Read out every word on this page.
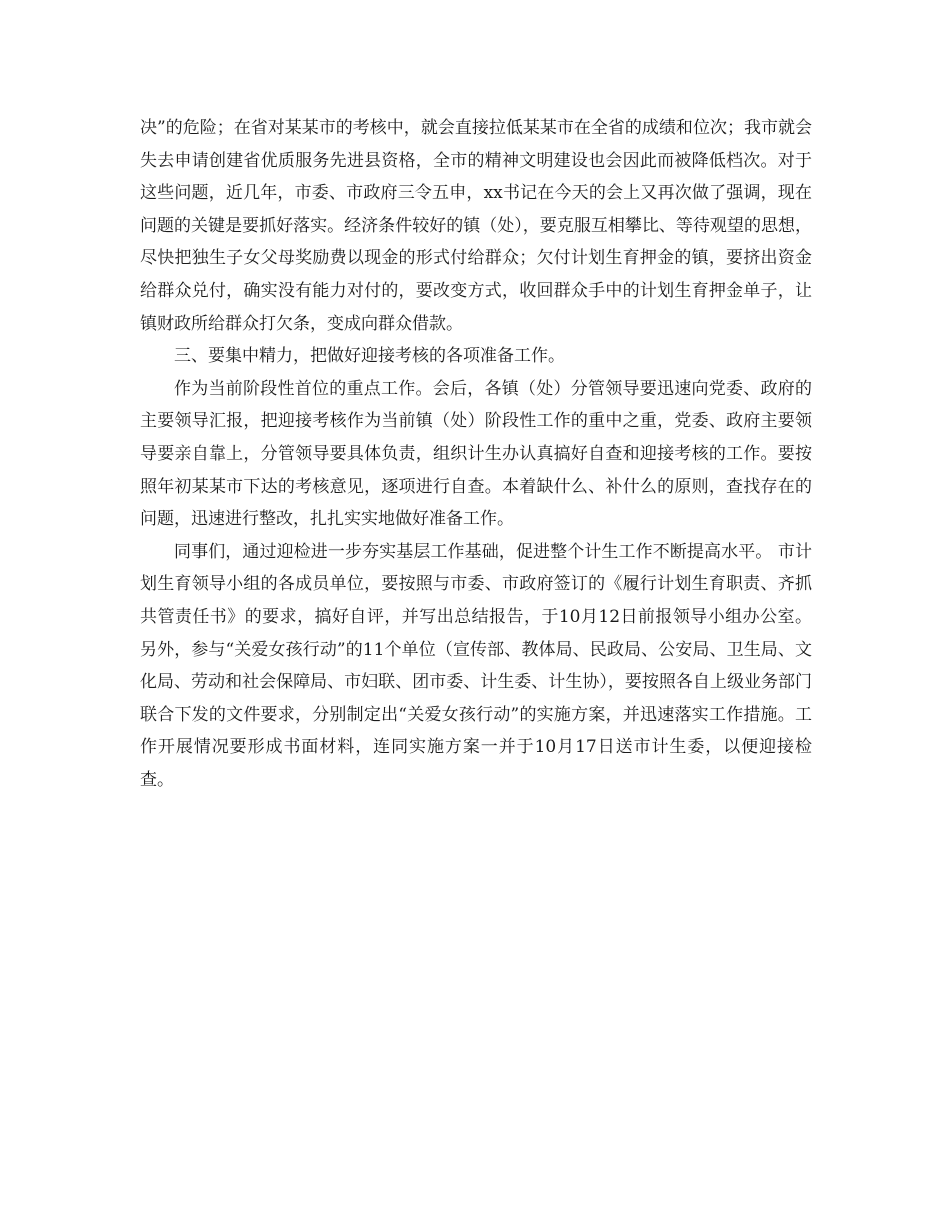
决”的危险；在省对某某市的考核中，就会直接拉低某某市在全省的成绩和位次；我市就会失去申请创建省优质服务先进县资格，全市的精神文明建设也会因此而被降低档次。对于这些问题，近几年，市委、市政府三令五申，xx书记在今天的会上又再次做了强调，现在问题的关键是要抓好落实。经济条件较好的镇（处），要克服互相攀比、等待观望的思想，尽快把独生子女父母奖励费以现金的形式付给群众；欠付计划生育押金的镇，要挤出资金给群众兑付，确实没有能力对付的，要改变方式，收回群众手中的计划生育押金单子，让镇财政所给群众打欠条，变成向群众借款。

三、要集中精力，把做好迎接考核的各项准备工作。

作为当前阶段性首位的重点工作。会后，各镇（处）分管领导要迅速向党委、政府的主要领导汇报，把迎接考核作为当前镇（处）阶段性工作的重中之重，党委、政府主要领导要亲自靠上，分管领导要具体负责，组织计生办认真搞好自查和迎接考核的工作。要按照年初某某市下达的考核意见，逐项进行自查。本着缺什么、补什么的原则，查找存在的问题，迅速进行整改，扎扎实实地做好准备工作。

同事们，通过迎检进一步夯实基层工作基础，促进整个计生工作不断提高水平。 市计划生育领导小组的各成员单位，要按照与市委、市政府签订的《履行计划生育职责、齐抓共管责任书》的要求，搞好自评，并写出总结报告，于10月12日前报领导小组办公室。 另外，参与“关爱女孩行动”的11个单位（宣传部、教体局、民政局、公安局、卫生局、文化局、劳动和社会保障局、市妇联、团市委、计生委、计生协），要按照各自上级业务部门联合下发的文件要求，分别制定出“关爱女孩行动”的实施方案，并迅速落实工作措施。工作开展情况要形成书面材料，连同实施方案一并于10月17日送市计生委，以便迎接检查。
